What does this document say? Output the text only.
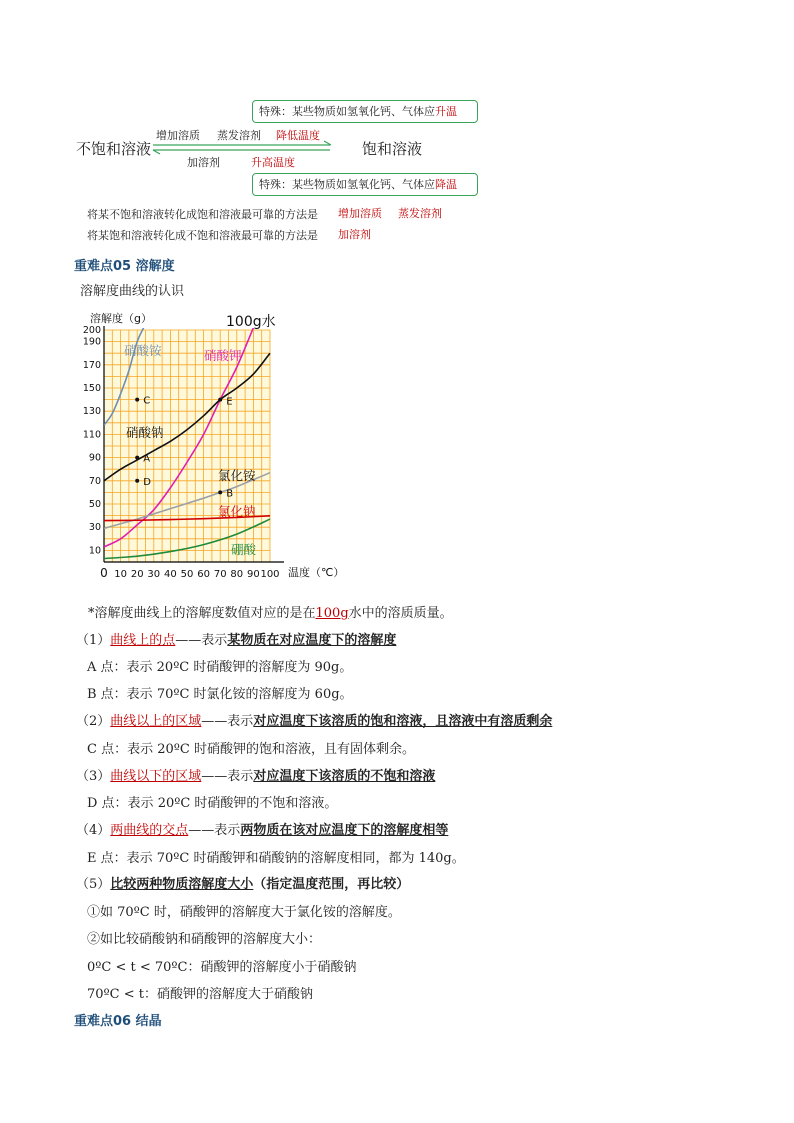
特殊：某些物质如氢氧化钙、气体应升温
增加溶质 蒸发溶剂 降低温度
不饱和溶液	饱和溶液
加溶剂	升高温度
特殊：某些物质如氢氧化钙、气体应降温
将某不饱和溶液转化成饱和溶液最可靠的方法是 增加溶质 蒸发溶剂
将某饱和溶液转化成不饱和溶液最可靠的方法是 加溶剂
重难点05 溶解度
溶解度曲线的认识
溶解度（g）	100g水
温度（℃）
0 10 20 30 40 50 60 70 80 90 100
10
30
50
70
90
110
130
150
170
190
200
A
B
C
D
E
硝酸铵	硝酸钾
硝酸钠
氯化铵
氯化钠
硼酸
*溶解度曲线上的溶解度数值对应的是在100g水中的溶质质量。
（1）曲线上的点——表示某物质在对应温度下的溶解度
A 点：表示 20ºC 时硝酸钾的溶解度为 90g。
B 点：表示 70ºC 时氯化铵的溶解度为 60g。
（2）曲线以上的区域——表示对应温度下该溶质的饱和溶液，且溶液中有溶质剩余
C 点：表示 20ºC 时硝酸钾的饱和溶液，且有固体剩余。
（3）曲线以下的区域——表示对应温度下该溶质的不饱和溶液
D 点：表示 20ºC 时硝酸钾的不饱和溶液。
（4）两曲线的交点——表示两物质在该对应温度下的溶解度相等
E 点：表示 70ºC 时硝酸钾和硝酸钠的溶解度相同，都为 140g。
（5）比较两种物质溶解度大小（指定温度范围，再比较）
①如 70ºC 时，硝酸钾的溶解度大于氯化铵的溶解度。
②如比较硝酸钠和硝酸钾的溶解度大小：
0ºC < t < 70ºC：硝酸钾的溶解度小于硝酸钠
70ºC < t：硝酸钾的溶解度大于硝酸钠
重难点06 结晶
